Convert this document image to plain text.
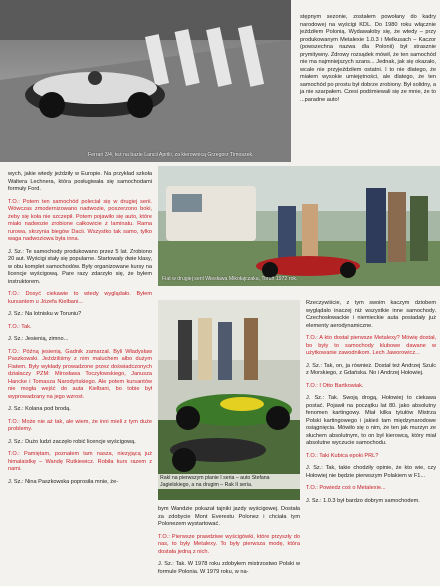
Ferrari 3/4, też na bazie Lancii Aprilii, za kierownicą Grzegorz Timoszek.

stępnym sezonie, zostałem powołany do kadry narodowej na wyścigi KDL. Do 1980 roku włącznie jeździłem Polonią. Wydawałoby się, że wtedy – przy produkowanym Metalexie 1.0.3 i Melkusach – Kaczor (powszechna nazwa dla Polonii) był strasznie prymitywny. Zdrowy rozsądek mówił, że ten samochód nie ma najmniejszych szans... Jednak, jak się okazało, wcale nie przyjeździłem ostatni. I to nie dlatego, że miałem wysokie umiejętności, ale dlatego, że ten samochód po prostu był dobrze zrobiony. Był solidny, a ja nie szarpałem. Czesi podśmiewali się ze mnie, że to ...paradne auto!

Fiat w drugiej serii Wiesława Mikołajczaka, Toruń 1972 rok.

wych, jakie wtedy jeździły w Europie. Na przykład szkoła Waltera Lechnera, która posługiwała się samochodami formuły Ford.

T.O.: Potem ten samochód poleciał się w drugiej serii. Wówczas zmodernizowano nadwozie, poszerzono boki, żeby się koła nie szczepił. Potem pojawiło się auto, które miało nadwozie zrobione całkowicie z laminatu. Rama rurowa, skrzynia biegów Dacii. Wszystko tak samo, tylko waga nadwoziowa była inna.

J. Sz.: Te samochody produkowano przez 5 lat. Zrobiono 20 aut. Wyścigi stały się popularne. Startowały dwie klasy, w obu komplet samochodów. Były organizowane kursy na licencje wyścigową. Pare razy zdarzyło się, że byłem instruktorem.

T.O.: Dosyć ciekawie to wtedy wyglądało. Byłem kursantem u Józefa Kielbani...

J. Sz.: Na lotnisku w Toruniu?

T.O.: Tak.

J. Sz.: Jesienią, zimno...

T.O.: Późną jesienią. Gadnik zamarzał. Byli Władysław Paszkowski. Jeździliśmy z nim maluchem albo dużym Fiatem. Były wykłady prowadzone przez doświadczonych działaczy PZM: Mirosława Toczyłowskiego, Janusza Hancke i Tomasza Narodyńskiego. Ale potem kursantów nie mogła wejść do auta Kielbani, bo tobie był wyprowadzany na jego wzrost.

J. Sz.: Kolana pod brodą.

T.O.: Może nie aż tak, ale wiem, że inni mieli z tym duże problemy.

J. Sz.: Dużo ludzi zaczęło robić licencje wyścigową.

T.O.: Pamiętam, poznałem tam nasza, niezyjącą już himalaistkę – Wandę Rutkiewicz. Robiła kurs razem z nami.

J. Sz.: Nina Paszkowska poprosiła mnie, że-

Rakl na pierwszym planie I seria – auto Stefana Jagielskiego, a na drugim – Rak II seria.

bym Wandzie pokazał tajniki jazdy wyścigowej. Dostała za zdobycie Mont Everestu Polonez i chciała tym Polonezem wystartować.

T.O.: Pierwsze prawdziwe wyścigówki, które przyszły do nas, to były Metalexy. To były pierwsza modę, która dostała jedną z nich.

J. Sz.: Tak. W 1978 roku zdobyłem mistrzostwo Polski w formule Polonia. W 1979 roku, w na-

Rzeczywiście, z tym swoim kaczym dziobem wyglądało inaczej niż wszystkie inne samochody. Czechosłowackie i niemieckie auta posiadały już elementy aerodynamiczne.

T.O.: A kto dostał pierwsze Metalexy? Mówię dostał, bo były to samochody klubowe dawane w użytkowanie zawodnikom. Lech Jaworowicz...

J. Sz.: Tak, on, ja również. Dostał też Andrzej Szulc z Morskiego, z Gdańska. No i Andrzej Hołowiej.

T.O.: I Otto Bartkowiak.

J. Sz.: Tak. Swoją drogą, Hołowiej to ciekawa postać. Pojawił na początku lat 80. jako absolutny fenomen kartingowy. Miał kilka tytułów Mistrza Polski kartingowego i jakieś tam międzynarodowe osiągnięcia. Mówiło się o nim, że ten jak murzyn ze słuchem absolutnym, to on był kierowcą, który miał absolutne wyczucie samochodu.

T.O.: Taki Kubica epoki PRL?

J. Sz.: Tak, takie chodziły opinie, że kto wie, czy Hołowiej nie będzie pierwszym Polakiem w F1...

T.O.: Powiedz coś o Metalexie...

J. Sz.: 1.0.3 był bardzo dobrym samochodem.
